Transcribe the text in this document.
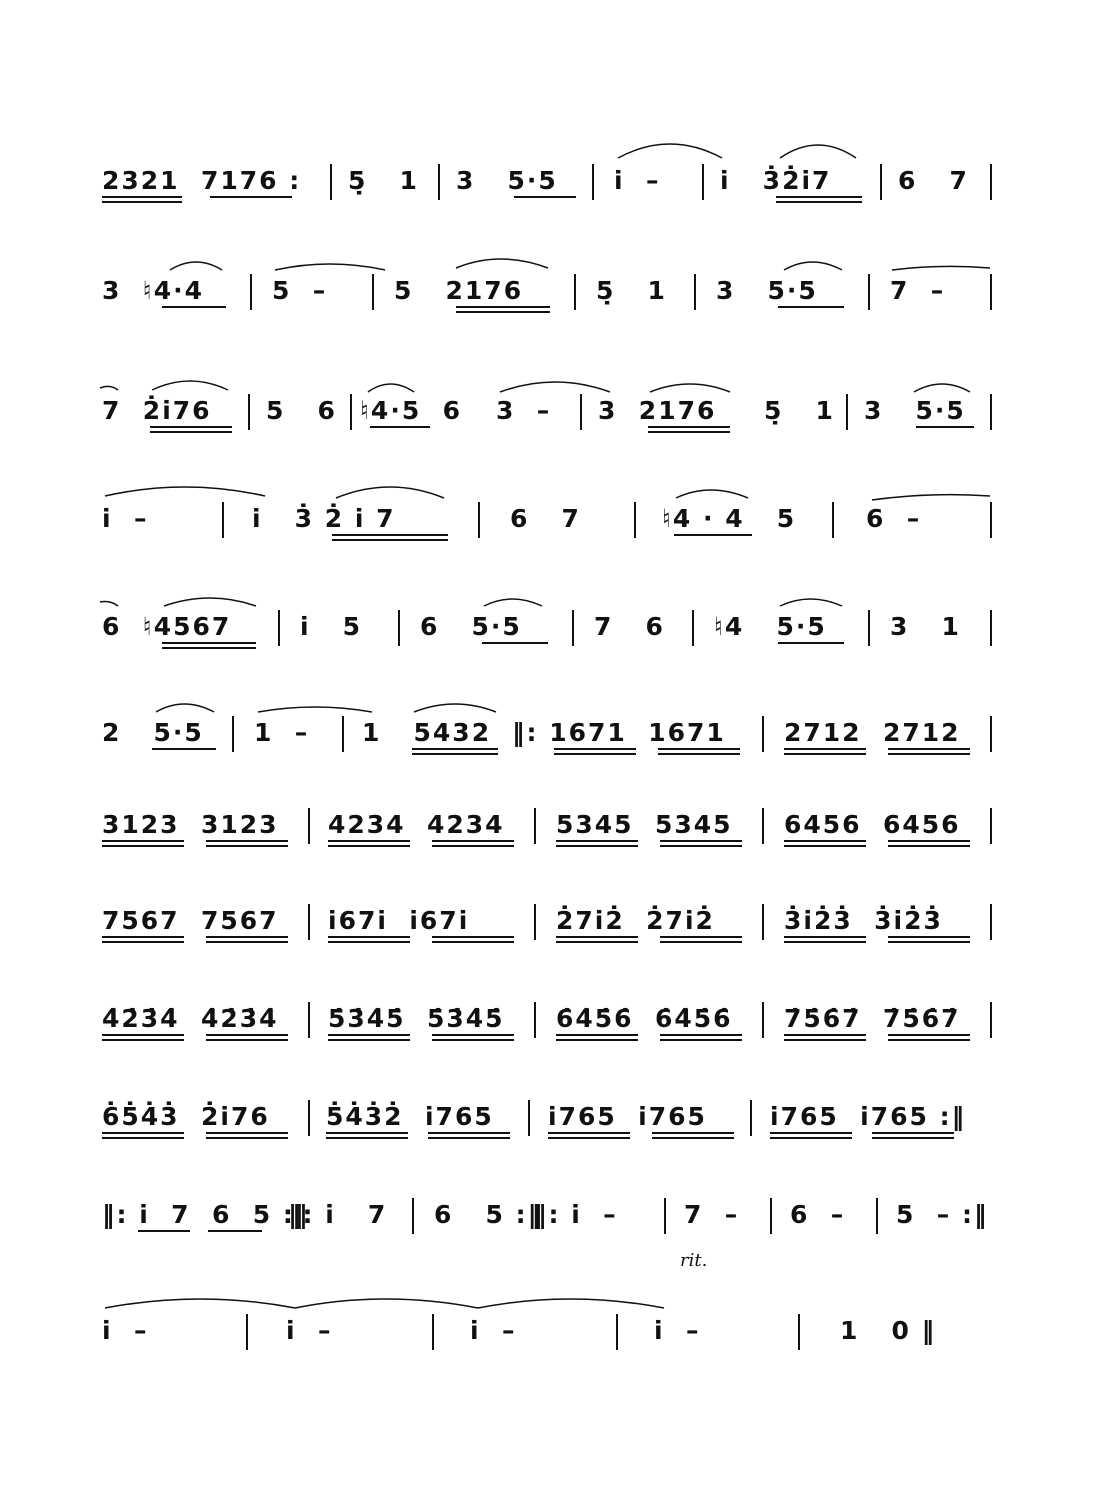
2321  7176 : 5̣   1 3   5·5 i̇  – i̇   3̇2̇i̇7	6   7
3  ♮4·4	5  –	5   2176	5̣   1 3   5·5	7  –
7  2̇i̇76 5   6 ♮4·5  6 3  – 3  2176 5̣   1 3   5·5
i̇  –	i̇   3̇ 2̇ i̇ 7	6   7	♮4 · 4   5	6  –
6  ♮4567	i̇   5 6   5·5	7   6 ♮4   5·5	3   1
2   5·5 1  – 1   5432 ‖: 1671  1671 2712  2712
3123  3123 4234  4234 5345  5345 6456  6456
7567  7567 i̇67i̇  i̇67i̇	2̇7i̇2̇  2̇7i̇2̇	3̇i̇2̇3̇  3̇i̇2̇3̇
4̇2̇3̇4̇  4̇2̇3̇4̇ 5̇3̇4̇5̇  5̇3̇4̇5̇ 6̇4̇5̇6̇  6̇4̇5̇6̇ 7̇5̇6̇7̇  7̇5̇6̇7̇
6̇5̇4̇3̇  2̇i̇76 5̇4̇3̇2̇  i̇765 i̇765  i̇765	i̇765  i̇765 :‖
‖: i̇  7  6  5 :‖
‖: i̇   7 6   5 :‖
‖: i̇  –	7  – 6  – 5  – :‖
rit.
i̇  –	i̇  –	i̇  –	i̇  –	1   0 ‖
